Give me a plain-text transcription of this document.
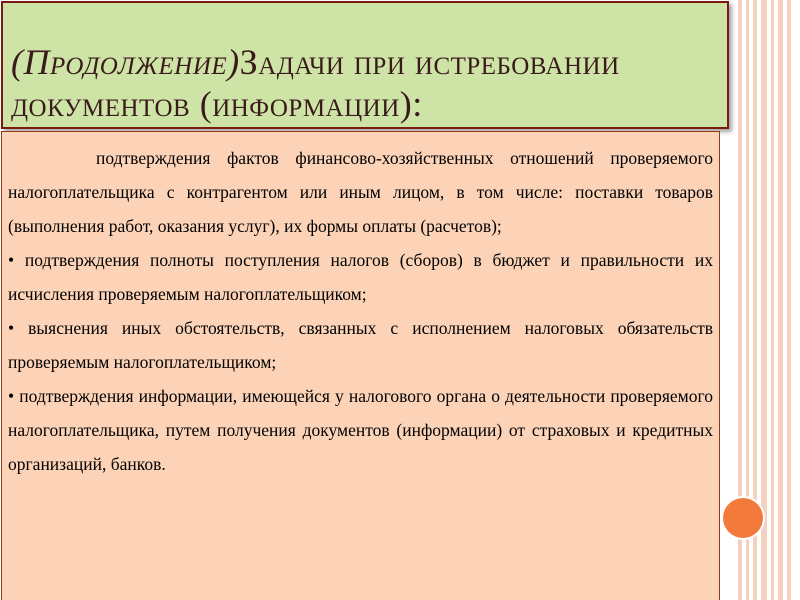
(Продолжение)Задачи при истребовании документов (информации):

подтверждения фактов финансово-хозяйственных отношений проверяемого налогоплательщика с контрагентом или иным лицом, в том числе: поставки товаров (выполнения работ, оказания услуг), их формы оплаты (расчетов);

• подтверждения полноты поступления налогов (сборов) в бюджет и правильности их исчисления проверяемым налогоплательщиком;

• выяснения иных обстоятельств, связанных с исполнением налоговых обязательств проверяемым налогоплательщиком;

• подтверждения информации, имеющейся у налогового органа о деятельности проверяемого налогоплательщика, путем получения документов (информации) от страховых и кредитных организаций, банков.
